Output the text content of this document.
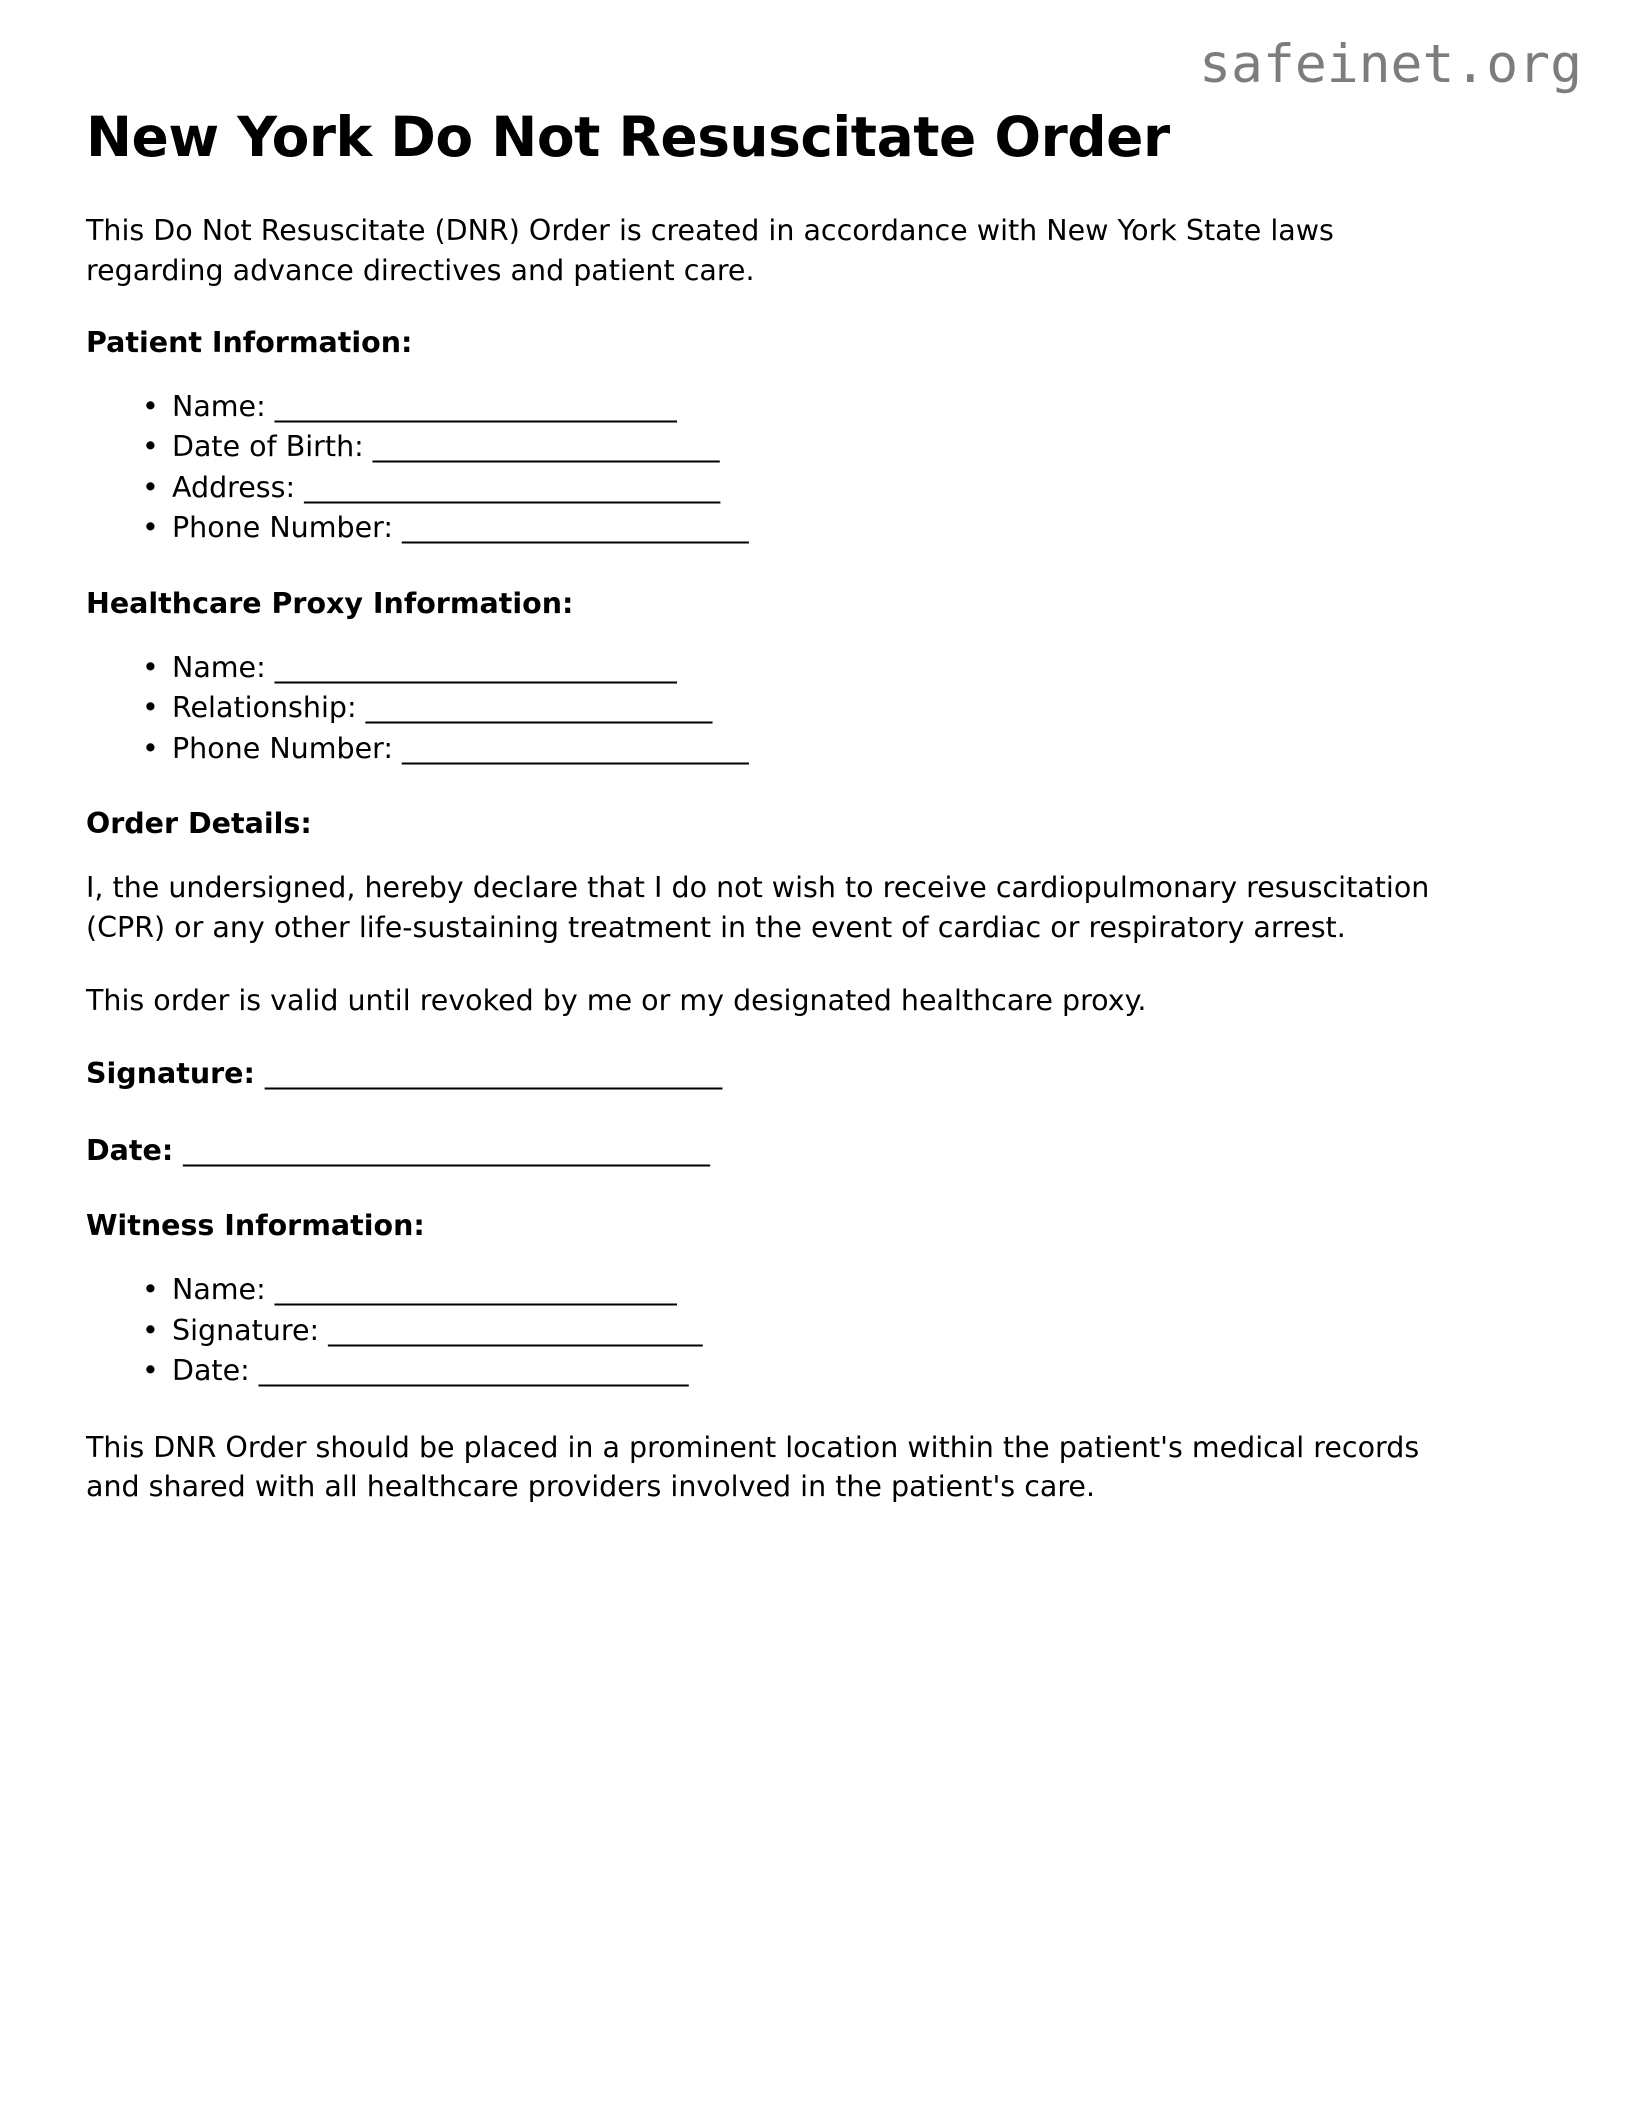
safeinet.org
New York Do Not Resuscitate Order

This Do Not Resuscitate (DNR) Order is created in accordance with New York State laws regarding advance directives and patient care.

Patient Information:
• Name: _____________________________
• Date of Birth: _________________________
• Address: ______________________________
• Phone Number: _________________________
Healthcare Proxy Information:
• Name: _____________________________
• Relationship: _________________________
• Phone Number: _________________________
Order Details:

I, the undersigned, hereby declare that I do not wish to receive cardiopulmonary resuscitation (CPR) or any other life-sustaining treatment in the event of cardiac or respiratory arrest.

This order is valid until revoked by me or my designated healthcare proxy.

Signature: _________________________________
Date: ______________________________________
Witness Information:
• Name: _____________________________
• Signature: ___________________________
• Date: _______________________________

This DNR Order should be placed in a prominent location within the patient's medical records and shared with all healthcare providers involved in the patient's care.
